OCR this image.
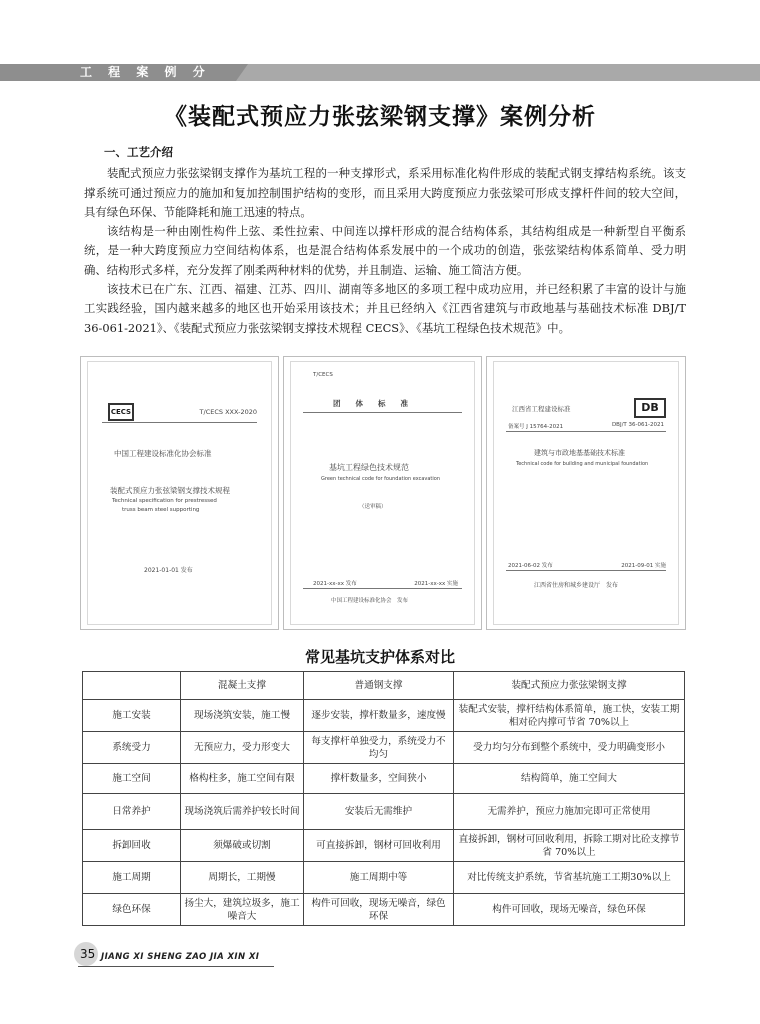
工 程 案 例 分 析
《装配式预应力张弦梁钢支撑》案例分析
一、工艺介绍

装配式预应力张弦梁钢支撑作为基坑工程的一种支撑形式，系采用标准化构件形成的装配式钢支撑结构系统。该支撑系统可通过预应力的施加和复加控制围护结构的变形，而且采用大跨度预应力张弦梁可形成支撑杆件间的较大空间，具有绿色环保、节能降耗和施工迅速的特点。

该结构是一种由刚性构件上弦、柔性拉索、中间连以撑杆形成的混合结构体系，其结构组成是一种新型自平衡系统，是一种大跨度预应力空间结构体系，也是混合结构体系发展中的一个成功的创造，张弦梁结构体系简单、受力明确、结构形式多样，充分发挥了刚柔两种材料的优势，并且制造、运输、施工简洁方便。

该技术已在广东、江西、福建、江苏、四川、湖南等多地区的多项工程中成功应用，并已经积累了丰富的设计与施工实践经验，国内越来越多的地区也开始采用该技术；并且已经纳入《江西省建筑与市政地基与基础技术标准 DBJ/T 36-061-2021》、《装配式预应力张弦梁钢支撑技术规程 CECS》、《基坑工程绿色技术规范》中。

CECS	T/CECS XXX-2020
中国工程建设标准化协会标准
装配式预应力张弦梁钢支撑技术规程
Technical specification for prestressed
truss beam steel supporting
2021-01-01 发布
T/CECS
团　　体　　标　　准
基坑工程绿色技术规范
Green technical code for foundation excavation
（送审稿）
2021-xx-xx 发布	2021-xx-xx 实施
中国工程建设标准化协会　发布
江西省工程建设标准	DB
备案号 J 15764-2021	DBJ/T 36-061-2021
建筑与市政地基基础技术标准
Technical code for building and municipal foundation
2021-06-02 发布	2021-09-01 实施
江西省住房和城乡建设厅　发布
常见基坑支护体系对比
	混凝土支撑	普通钢支撑	装配式预应力张弦梁钢支撑
施工安装	现场浇筑安装，施工慢	逐步安装，撑杆数量多，速度慢	装配式安装，撑杆结构体系简单，施工快，安装工期相对砼内撑可节省 70%以上
系统受力	无预应力，受力形变大	每支撑杆单独受力，系统受力不均匀	受力均匀分布到整个系统中，受力明确变形小
施工空间	格构柱多，施工空间有限	撑杆数量多，空间狭小	结构简单，施工空间大
日常养护	现场浇筑后需养护较长时间	安装后无需维护	无需养护，预应力施加完即可正常使用
拆卸回收	须爆破或切割	可直接拆卸，钢材可回收利用	直接拆卸，钢材可回收利用，拆除工期对比砼支撑节省 70%以上
施工周期	周期长，工期慢	施工周期中等	对比传统支护系统，节省基坑施工工期30%以上
绿色环保	扬尘大，建筑垃圾多，施工噪音大	构件可回收，现场无噪音，绿色环保	构件可回收，现场无噪音，绿色环保
35 JIANG XI SHENG ZAO JIA XIN XI
